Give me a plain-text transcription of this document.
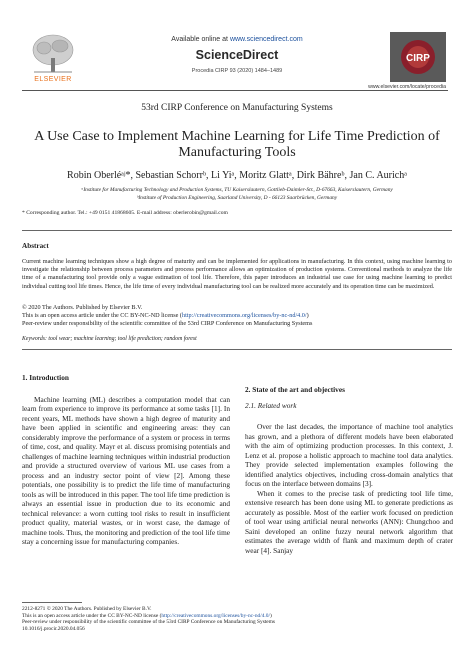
Available online at www.sciencedirect.com
ScienceDirect
Procedia CIRP 93 (2020) 1484–1489
ELSEVIER
CIRP
www.elsevier.com/locate/procedia
53rd CIRP Conference on Manufacturing Systems
A Use Case to Implement Machine Learning for Life Time Prediction of Manufacturing Tools
Robin Oberléᵃʲ*, Sebastian Schorrᵇ, Li Yiᵃ, Moritz Glattᵃ, Dirk Bähreᵇ, Jan C. Aurichᵃ
ᵃInstitute for Manufacturing Technology and Production Systems, TU Kaiserslautern, Gottlieb-Daimler-Str., D-67663, Kaiserslautern, Germany
ᵇInstitute of Production Engineering, Saarland University, D - 66123 Saarbrücken, Germany
* Corresponding author. Tel.: +49 0151 41868605. E-mail address: oberlerobin@gmail.com
Abstract
Current machine learning techniques show a high degree of maturity and can be implemented for applications in manufacturing. In this context, using machine learning to investigate the relationship between process parameters and process performance allows an optimization of production systems. Conventional methods to analyze the life time of a manufacturing tool provide only a vague estimation of tool life. Therefore, this paper introduces an industrial use case for using machine learning to predict individual cutting tool life times. Hence, the life time of every individual manufacturing tool can be realized more accurately and its operation time can be maximized.
© 2020 The Authors. Published by Elsevier B.V.
This is an open access article under the CC BY-NC-ND license (http://creativecommons.org/licenses/by-nc-nd/4.0/)
Peer-review under responsibility of the scientific committee of the 53rd CIRP Conference on Manufacturing Systems
Keywords: tool wear; machine learning; tool life prediction; random forest
1. Introduction

Machine learning (ML) describes a computation model that can learn from experience to improve its performance at some tasks [1]. In recent years, ML methods have shown a high degree of maturity and have been applied in scientific and engineering areas: they can considerably improve the performance of a system or process in terms of time, cost, and quality. Mayr et al. discuss promising potentials and challenges of machine learning techniques within industrial production and provide a structured overview of various ML use cases from a process and an industry sector point of view [2]. Among these potentials, one possibility is to predict the life time of manufacturing tools as will be introduced in this paper. The tool life time prediction is always an essential issue in production due to its economic and technical relevance: a worn cutting tool risks to result in insufficient product quality, material wastes, or in worst case, the damage of machine tools. Thus, the monitoring and prediction of the tool life time stay a concerning issue for manufacturing companies.

2. State of the art and objectives
2.1. Related work

Over the last decades, the importance of machine tool analytics has grown, and a plethora of different models have been elaborated with the aim of optimizing production processes. In this context, J. Lenz et al. propose a holistic approach to machine tool data analytics. They provide selected implementation examples following the identified analytics objectives, including cross-domain analytics that focus on the interface between domains [3].

When it comes to the precise task of predicting tool life time, extensive research has been done using ML to generate predictions as accurately as possible. Most of the earlier work focused on prediction of tool wear using artificial neural networks (ANN): Chungchoo and Saini developed an online fuzzy neural network algorithm that estimates the average width of flank and maximum depth of crater wear [4]. Sanjay

2212-8271 © 2020 The Authors. Published by Elsevier B.V.
This is an open access article under the CC BY-NC-ND license (http://creativecommons.org/licenses/by-nc-nd/4.0/)
Peer-review under responsibility of the scientific committee of the 53rd CIRP Conference on Manufacturing Systems
10.1016/j.procir.2020.04.056
